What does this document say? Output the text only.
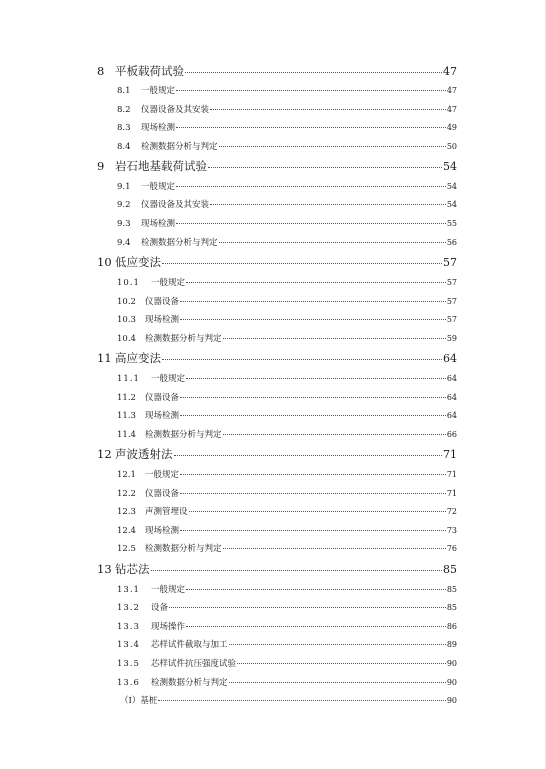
8 平板载荷试验	47
8.1	一般规定	47
8.2	仪器设备及其安装	47
8.3	现场检测	49
8.4	检测数据分析与判定	50
9 岩石地基载荷试验	54
9.1	一般规定	54
9.2	仪器设备及其安装	54
9.3	现场检测	55
9.4	检测数据分析与判定	56
10 低应变法	57
10.1	一般规定	57
10.2	仪器设备	57
10.3	现场检测	57
10.4	检测数据分析与判定	59
11 高应变法	64
11.1	一般规定	64
11.2	仪器设备	64
11.3	现场检测	64
11.4	检测数据分析与判定	66
12 声波透射法	71
12.1	一般规定	71
12.2	仪器设备	71
12.3	声测管埋设	72
12.4	现场检测	73
12.5	检测数据分析与判定	76
13 钻芯法	85
13.1	一般规定	85
13.2	设备	85
13.3	现场操作	86
13.4	芯样试件截取与加工	89
13.5	芯样试件抗压强度试验	90
13.6	检测数据分析与判定	90
（Ⅰ） 基桩	90
